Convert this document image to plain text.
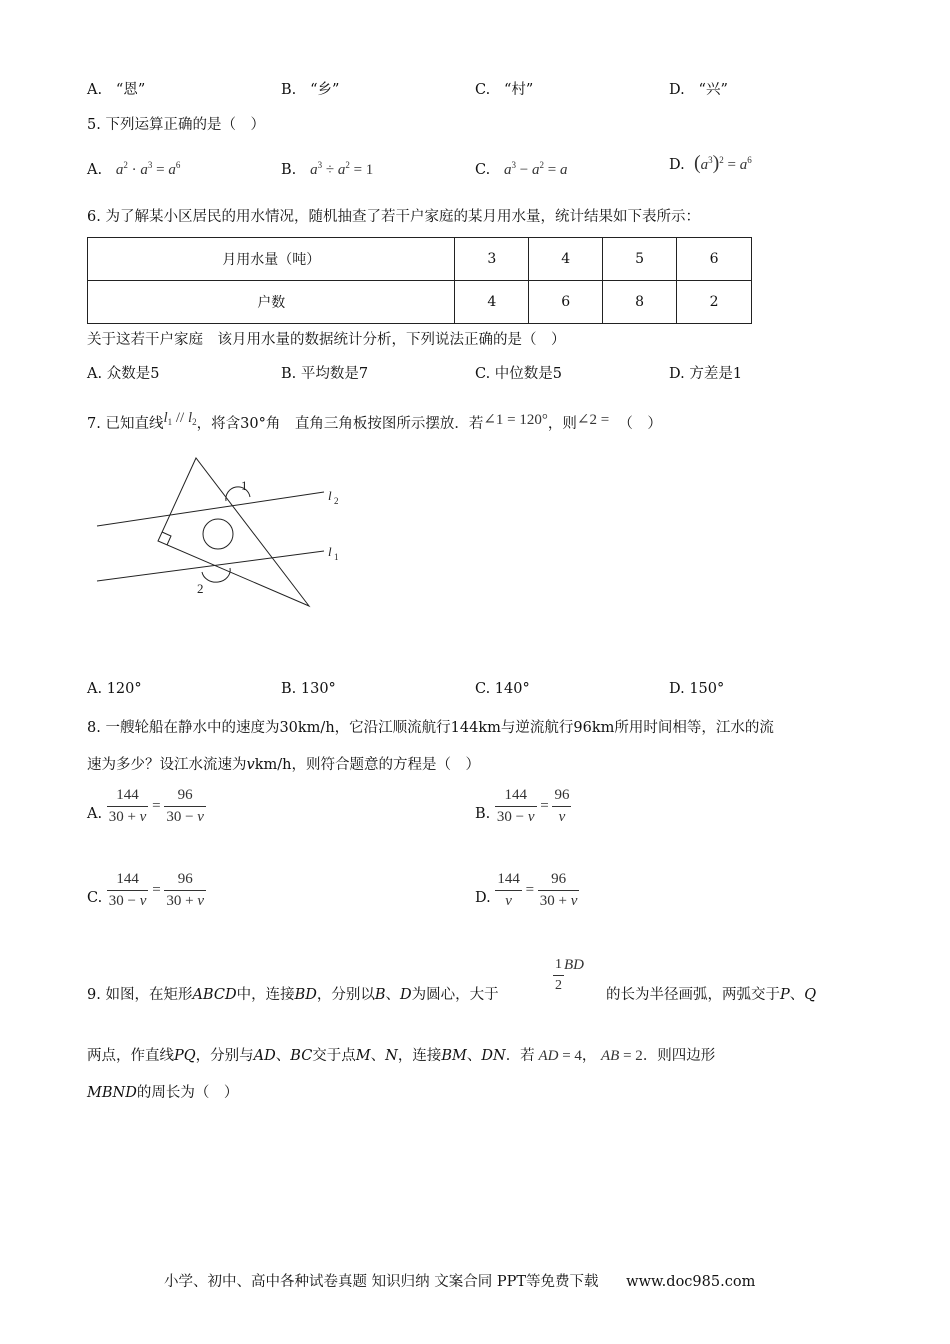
A. “恩”	B. “乡”	C. “村”	D. “兴”
5. 下列运算正确的是（　）
A. $a^2 \cdot a^3 = a^6$	B. $a^3 \div a^2 = 1$	C. $a^3 - a^2 = a$	D. $(a^3)^2 = a^6$
6. 为了解某小区居民的用水情况，随机抽查了若干户家庭的某月用水量，统计结果如下表所示：
月用水量（吨）	3	4	5	6
户数	4	6	8	2
关于这若干户家庭　该月用水量的数据统计分析，下列说法正确的是（　）
A. 众数是5	B. 平均数是7	C. 中位数是5	D. 方差是1
7. 已知直线$l_1 // l_2$，将含30°角　直角三角板按图所示摆放．若∠1 = 120°，则∠2 = （　）
1
2
l 2
l 1
A. 120°	B. 130°	C. 140°	D. 150°
8. 一艘轮船在静水中的速度为30km/h，它沿江顺流航行144km与逆流航行96km所用时间相等，江水的流
速为多少？设江水流速为vkm/h，则符合题意的方程是（　）
A. $\frac{144}{30 + v} = \frac{96}{30 - v}$	B. $\frac{144}{30 - v} = \frac{96}{v}$
C. $\frac{144}{30 - v} = \frac{96}{30 + v}$	D. $\frac{144}{v} = \frac{96}{30 + v}$
9. 如图，在矩形ABCD中，连接BD，分别以B、D为圆心，大于
$\frac{1}{2}$ BD
的长为半径画弧，两弧交于P、Q
两点，作直线PQ，分别与AD、BC交于点M、N，连接BM、DN．若 AD = 4， AB = 2．则四边形
MBND的周长为（　）
小学、初中、高中各种试卷真题 知识归纳 文案合同 PPT等免费下载 www.doc985.com
